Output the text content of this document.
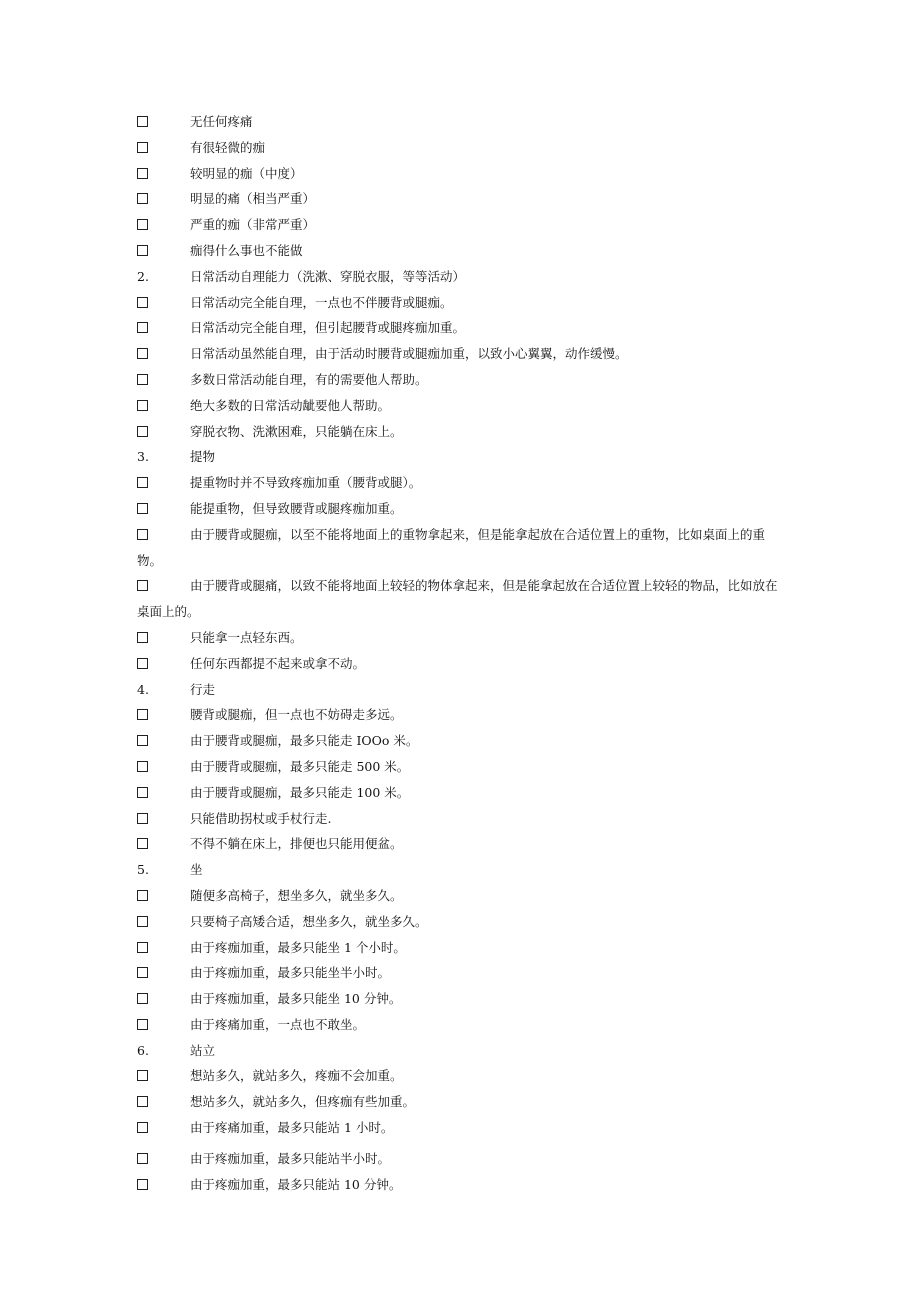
无任何疼痛
有很轻微的痂
较明显的痂（中度）
明显的痛（相当严重）
严重的痂（非常严重）
痂得什么事也不能做
2.	日常活动自理能力（洗漱、穿脱衣服，等等活动）
日常活动完全能自理，一点也不伴腰背或腿痂。
日常活动完全能自理，但引起腰背或腿疼痂加重。
日常活动虽然能自理，由于活动时腰背或腿痂加重，以致小心翼翼，动作缓慢。
多数日常活动能自理，有的需要他人帮助。
绝大多数的日常活动龇要他人帮助。
穿脱衣物、洗漱困难，只能躺在床上。
3.	提物
提重物时并不导致疼痂加重（腰背或腿）。
能提重物，但导致腰背或腿疼痂加重。
由于腰背或腿痂，以至不能将地面上的重物拿起来，但是能拿起放在合适位置上的重物，比如桌面上的重物。
由于腰背或腿痛，以致不能将地面上较轻的物体拿起来，但是能拿起放在合适位置上较轻的物品，比如放在桌面上的。
只能拿一点轻东西。
任何东西都提不起来或拿不动。
4.	行走
腰背或腿痂，但一点也不妨碍走多远。
由于腰背或腿痂，最多只能走 IOOo 米。
由于腰背或腿痂，最多只能走 500 米。
由于腰背或腿痂，最多只能走 100 米。
只能借助拐杖或手杖行走.
不得不躺在床上，排便也只能用便盆。
5.	坐
随便多高椅子，想坐多久，就坐多久。
只要椅子高矮合适，想坐多久，就坐多久。
由于疼痂加重，最多只能坐 1 个小时。
由于疼痂加重，最多只能坐半小时。
由于疼痂加重，最多只能坐 10 分钟。
由于疼痛加重，一点也不敢坐。
6.	站立
想站多久，就站多久，疼痂不会加重。
想站多久，就站多久，但疼痂有些加重。
由于疼痛加重，最多只能站 1 小时。
由于疼痂加重，最多只能站半小时。
由于疼痂加重，最多只能站 10 分钟。
